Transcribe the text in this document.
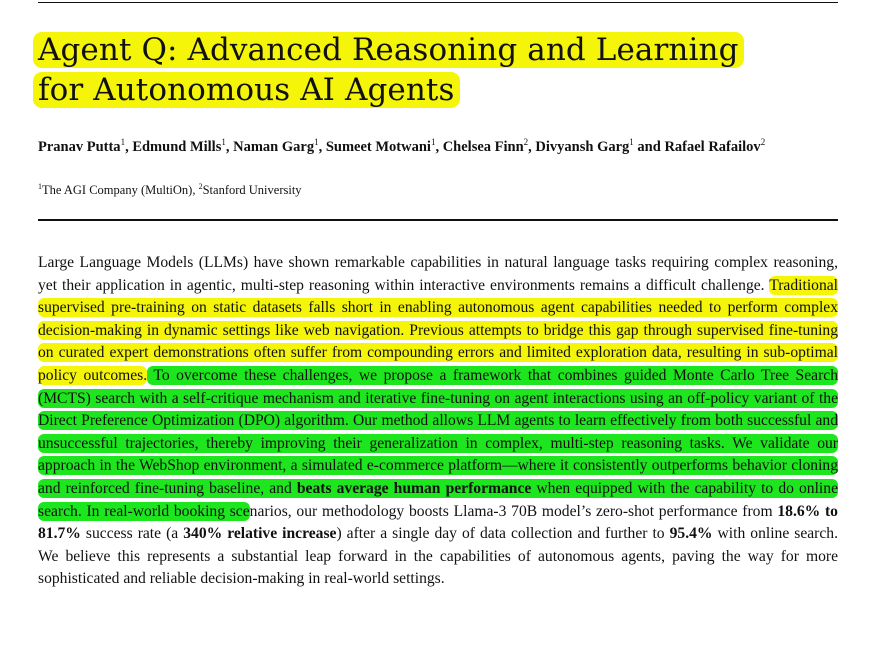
Agent Q: Advanced Reasoning and Learning
for Autonomous AI Agents
Pranav Putta$^1$, Edmund Mills$^1$, Naman Garg$^1$, Sumeet Motwani$^1$, Chelsea Finn$^2$, Divyansh Garg$^1$ and Rafael Rafailov$^2$
$^1$The AGI Company (MultiOn), $^2$Stanford University

Large Language Models (LLMs) have shown remarkable capabilities in natural language tasks requiring complex reasoning, yet their application in agentic, multi-step reasoning within interactive environments remains a difficult challenge. Traditional supervised pre-training on static datasets falls short in enabling autonomous agent capabilities needed to perform complex decision-making in dynamic settings like web navigation. Previous attempts to bridge this gap through supervised fine-tuning on curated expert demonstrations often suffer from compounding errors and limited exploration data, resulting in sub-optimal policy outcomes. To overcome these challenges, we propose a framework that combines guided Monte Carlo Tree Search (MCTS) search with a self-critique mechanism and iterative fine-tuning on agent interactions using an off-policy variant of the Direct Preference Optimization (DPO) algorithm. Our method allows LLM agents to learn effectively from both successful and unsuccessful trajectories, thereby improving their generalization in complex, multi-step reasoning tasks. We validate our approach in the WebShop environment, a simulated e-commerce platform—where it consistently outperforms behavior cloning and reinforced fine-tuning baseline, and beats average human performance when equipped with the capability to do online search. In real-world booking scenarios, our methodology boosts Llama-3 70B model’s zero-shot performance from 18.6% to 81.7% success rate (a 340% relative increase) after a single day of data collection and further to 95.4% with online search. We believe this represents a substantial leap forward in the capabilities of autonomous agents, paving the way for more sophisticated and reliable decision-making in real-world settings.
